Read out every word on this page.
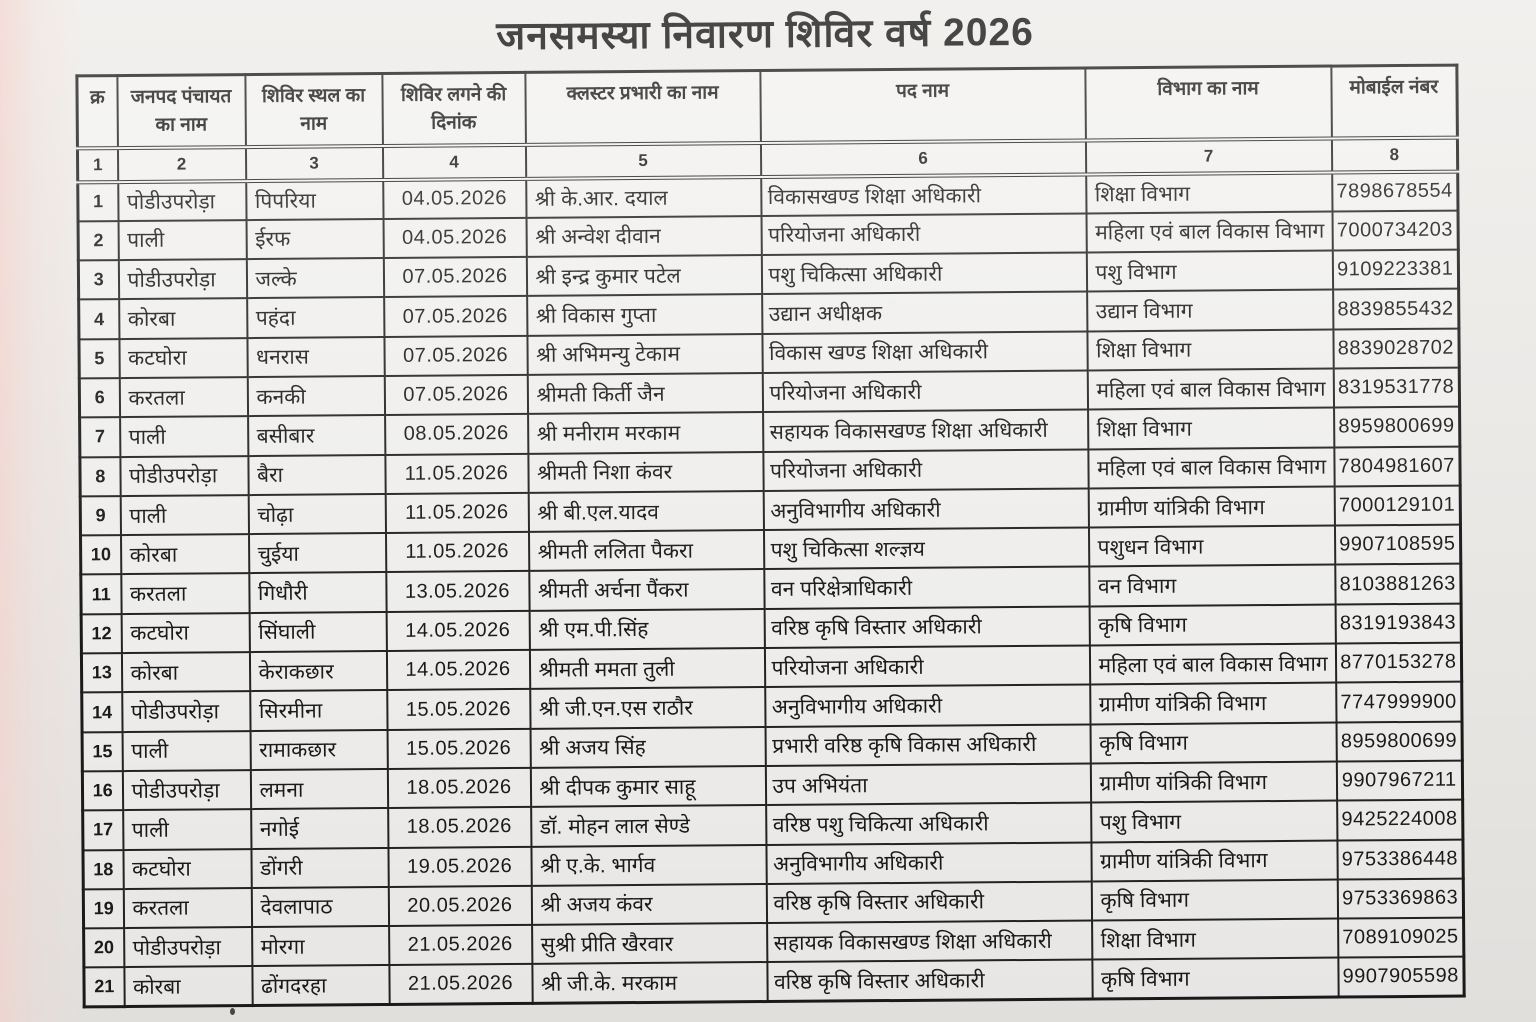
जनसमस्या निवारण शिविर वर्ष 2026
क्र	जनपद पंचायत का नाम	शिविर स्थल का नाम	शिविर लगने की दिनांक	क्लस्टर प्रभारी का नाम	पद नाम	विभाग का नाम	मोबाईल नंबर
1	2	3	4	5	6	7	8
1	पोडीउपरोड़ा	पिपरिया	04.05.2026	श्री के.आर. दयाल	विकासखण्ड शिक्षा अधिकारी	शिक्षा विभाग	7898678554
2	पाली	ईरफ	04.05.2026	श्री अन्वेश दीवान	परियोजना अधिकारी	महिला एवं बाल विकास विभाग	7000734203
3	पोडीउपरोड़ा	जल्के	07.05.2026	श्री इन्द्र कुमार पटेल	पशु चिकित्सा अधिकारी	पशु विभाग	9109223381
4	कोरबा	पहंदा	07.05.2026	श्री विकास गुप्ता	उद्यान अधीक्षक	उद्यान विभाग	8839855432
5	कटघोरा	धनरास	07.05.2026	श्री अभिमन्यु टेकाम	विकास खण्ड शिक्षा अधिकारी	शिक्षा विभाग	8839028702
6	करतला	कनकी	07.05.2026	श्रीमती किर्ती जैन	परियोजना अधिकारी	महिला एवं बाल विकास विभाग	8319531778
7	पाली	बसीबार	08.05.2026	श्री मनीराम मरकाम	सहायक विकासखण्ड शिक्षा अधिकारी	शिक्षा विभाग	8959800699
8	पोडीउपरोड़ा	बैरा	11.05.2026	श्रीमती निशा कंवर	परियोजना अधिकारी	महिला एवं बाल विकास विभाग	7804981607
9	पाली	चोढ़ा	11.05.2026	श्री बी.एल.यादव	अनुविभागीय अधिकारी	ग्रामीण यांत्रिकी विभाग	7000129101
10	कोरबा	चुईया	11.05.2026	श्रीमती ललिता पैकरा	पशु चिकित्सा शल्ज्ञय	पशुधन विभाग	9907108595
11	करतला	गिधौरी	13.05.2026	श्रीमती अर्चना पैंकरा	वन परिक्षेत्राधिकारी	वन विभाग	8103881263
12	कटघोरा	सिंघाली	14.05.2026	श्री एम.पी.सिंह	वरिष्ठ कृषि विस्तार अधिकारी	कृषि विभाग	8319193843
13	कोरबा	केराकछार	14.05.2026	श्रीमती ममता तुली	परियोजना अधिकारी	महिला एवं बाल विकास विभाग	8770153278
14	पोडीउपरोड़ा	सिरमीना	15.05.2026	श्री जी.एन.एस राठौर	अनुविभागीय अधिकारी	ग्रामीण यांत्रिकी विभाग	7747999900
15	पाली	रामाकछार	15.05.2026	श्री अजय सिंह	प्रभारी वरिष्ठ कृषि विकास अधिकारी	कृषि विभाग	8959800699
16	पोडीउपरोड़ा	लमना	18.05.2026	श्री दीपक कुमार साहू	उप अभियंता	ग्रामीण यांत्रिकी विभाग	9907967211
17	पाली	नगोई	18.05.2026	डॉ. मोहन लाल सेण्डे	वरिष्ठ पशु चिकित्या अधिकारी	पशु विभाग	9425224008
18	कटघोरा	डोंगरी	19.05.2026	श्री ए.के. भार्गव	अनुविभागीय अधिकारी	ग्रामीण यांत्रिकी विभाग	9753386448
19	करतला	देवलापाठ	20.05.2026	श्री अजय कंवर	वरिष्ठ कृषि विस्तार अधिकारी	कृषि विभाग	9753369863
20	पोडीउपरोड़ा	मोरगा	21.05.2026	सुश्री प्रीति खैरवार	सहायक विकासखण्ड शिक्षा अधिकारी	शिक्षा विभाग	7089109025
21	कोरबा	ढोंगदरहा	21.05.2026	श्री जी.के. मरकाम	वरिष्ठ कृषि विस्तार अधिकारी	कृषि विभाग	9907905598
